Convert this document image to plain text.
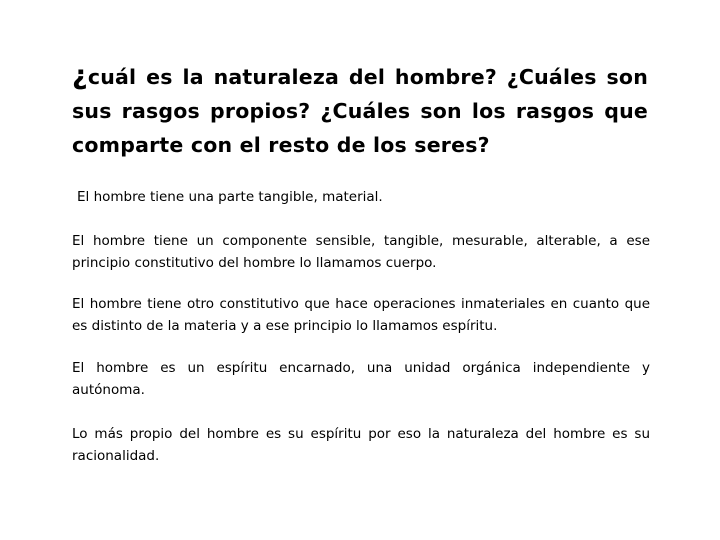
¿cuál es la naturaleza del hombre? ¿Cuáles son sus rasgos propios? ¿Cuáles son los rasgos que comparte con el resto de los seres?

El hombre tiene una parte tangible, material.

El hombre tiene un componente sensible, tangible, mesurable, alterable, a ese principio constitutivo del hombre lo llamamos cuerpo.

El hombre tiene otro constitutivo que hace operaciones inmateriales en cuanto que es distinto de la materia y a ese principio lo llamamos espíritu.

El hombre es un espíritu encarnado, una unidad orgánica independiente y autónoma.

Lo más propio del hombre es su espíritu por eso la naturaleza del hombre es su racionalidad.
